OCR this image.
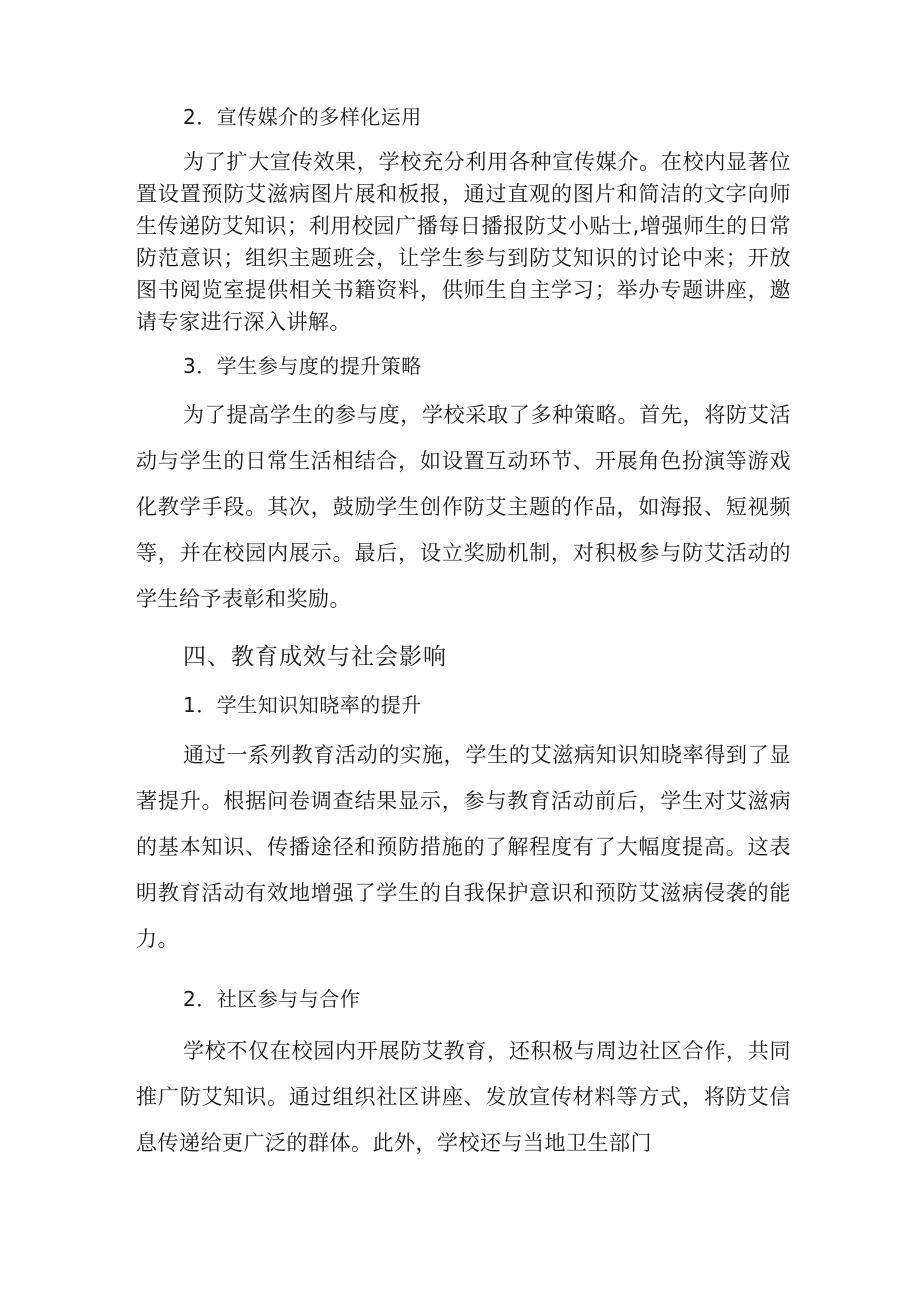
2．宣传媒介的多样化运用

为了扩大宣传效果，学校充分利用各种宣传媒介。在校内显著位置设置预防艾滋病图片展和板报，通过直观的图片和简洁的文字向师生传递防艾知识；利用校园广播每日播报防艾小贴士,增强师生的日常防范意识；组织主题班会，让学生参与到防艾知识的讨论中来；开放图书阅览室提供相关书籍资料，供师生自主学习；举办专题讲座，邀请专家进行深入讲解。

3．学生参与度的提升策略

为了提高学生的参与度，学校采取了多种策略。首先，将防艾活动与学生的日常生活相结合，如设置互动环节、开展角色扮演等游戏化教学手段。其次，鼓励学生创作防艾主题的作品，如海报、短视频等，并在校园内展示。最后，设立奖励机制，对积极参与防艾活动的学生给予表彰和奖励。

四、教育成效与社会影响

1．学生知识知晓率的提升

通过一系列教育活动的实施，学生的艾滋病知识知晓率得到了显著提升。根据问卷调查结果显示，参与教育活动前后，学生对艾滋病的基本知识、传播途径和预防措施的了解程度有了大幅度提高。这表明教育活动有效地增强了学生的自我保护意识和预防艾滋病侵袭的能力。

2．社区参与与合作

学校不仅在校园内开展防艾教育，还积极与周边社区合作，共同推广防艾知识。通过组织社区讲座、发放宣传材料等方式，将防艾信息传递给更广泛的群体。此外，学校还与当地卫生部门
